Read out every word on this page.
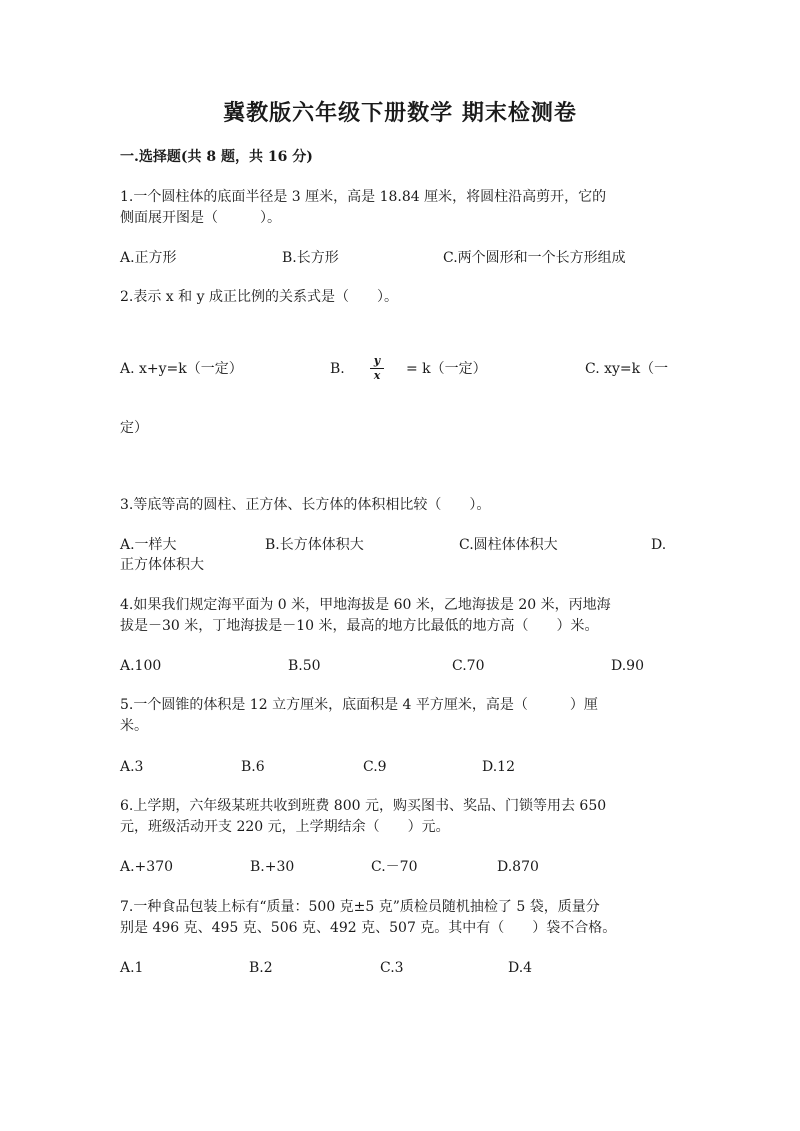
冀教版六年级下册数学 期末检测卷
一.选择题(共 8 题，共 16 分)
1.一个圆柱体的底面半径是 3 厘米，高是 18.84 厘米，将圆柱沿高剪开，它的
侧面展开图是（　　　）。
A.正方形	B.长方形	C.两个圆形和一个长方形组成
2.表示 x 和 y 成正比例的关系式是（　　）。
A. x+y=k（一定）	B.
y
x = k（一定）	C. xy=k（一
定）
3.等底等高的圆柱、正方体、长方体的体积相比较（　　）。
A.一样大	B.长方体体积大	C.圆柱体体积大	D.
正方体体积大
4.如果我们规定海平面为 0 米，甲地海拔是 60 米，乙地海拔是 20 米，丙地海
拔是－30 米，丁地海拔是－10 米，最高的地方比最低的地方高（　　）米。
A.100	B.50	C.70	D.90
5.一个圆锥的体积是 12 立方厘米，底面积是 4 平方厘米，高是（　　　）厘
米。
A.3	B.6	C.9	D.12
6.上学期，六年级某班共收到班费 800 元，购买图书、奖品、门锁等用去 650
元，班级活动开支 220 元，上学期结余（　　）元。
A.+370	B.+30	C.－70	D.870
7.一种食品包装上标有“质量：500 克±5 克”质检员随机抽检了 5 袋，质量分
别是 496 克、495 克、506 克、492 克、507 克。其中有（　　）袋不合格。
A.1	B.2	C.3	D.4
